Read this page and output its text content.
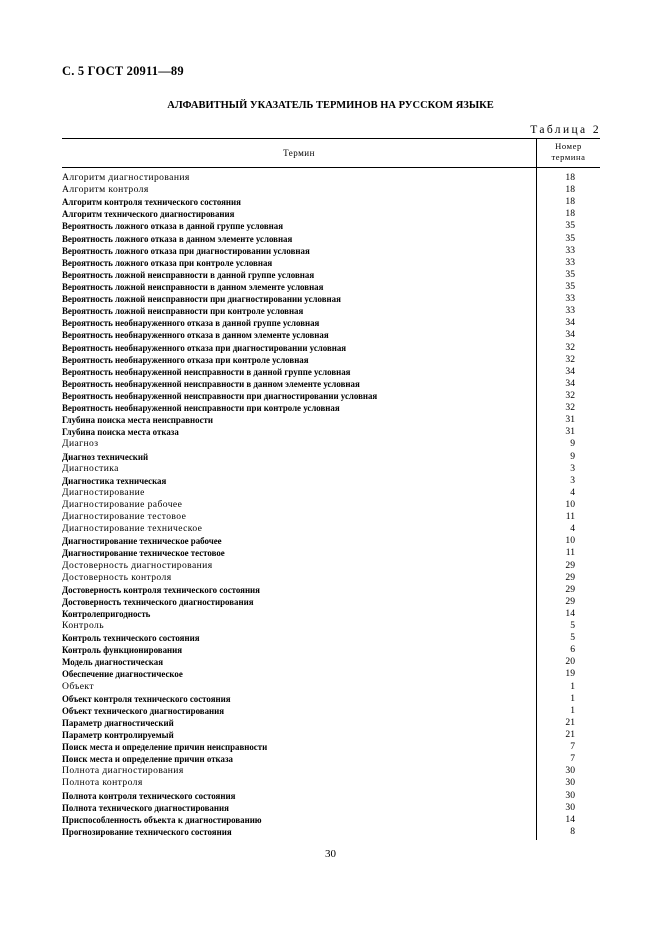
С. 5 ГОСТ 20911—89
АЛФАВИТНЫЙ УКАЗАТЕЛЬ ТЕРМИНОВ НА РУССКОМ ЯЗЫКЕ
Таблица 2
Термин
Номер
термина
Алгоритм диагностирования	18
Алгоритм контроля	18
Алгоритм контроля технического состояния	18
Алгоритм технического диагностирования	18
Вероятность ложного отказа в данной группе условная	35
Вероятность ложного отказа в данном элементе условная	35
Вероятность ложного отказа при диагностировании условная	33
Вероятность ложного отказа при контроле условная	33
Вероятность ложной неисправности в данной группе условная	35
Вероятность ложной неисправности в данном элементе условная	35
Вероятность ложной неисправности при диагностировании условная	33
Вероятность ложной неисправности при контроле условная	33
Вероятность необнаруженного отказа в данной группе условная	34
Вероятность необнаруженного отказа в данном элементе условная	34
Вероятность необнаруженного отказа при диагностировании условная	32
Вероятность необнаруженного отказа при контроле условная	32
Вероятность необнаруженной неисправности в данной группе условная	34
Вероятность необнаруженной неисправности в данном элементе условная	34
Вероятность необнаруженной неисправности при диагностировании условная	32
Вероятность необнаруженной неисправности при контроле условная	32
Глубина поиска места неисправности	31
Глубина поиска места отказа	31
Диагноз	9
Диагноз технический	9
Диагностика	3
Диагностика техническая	3
Диагностирование	4
Диагностирование рабочее	10
Диагностирование тестовое	11
Диагностирование техническое	4
Диагностирование техническое рабочее	10
Диагностирование техническое тестовое	11
Достоверность диагностирования	29
Достоверность контроля	29
Достоверность контроля технического состояния	29
Достоверность технического диагностирования	29
Контролепригодность	14
Контроль	5
Контроль технического состояния	5
Контроль функционирования	6
Модель диагностическая	20
Обеспечение диагностическое	19
Объект	1
Объект контроля технического состояния	1
Объект технического диагностирования	1
Параметр диагностический	21
Параметр контролируемый	21
Поиск места и определение причин неисправности	7
Поиск места и определение причин отказа	7
Полнота диагностирования	30
Полнота контроля	30
Полнота контроля технического состояния	30
Полнота технического диагностирования	30
Приспособленность объекта к диагностированию	14
Прогнозирование технического состояния	8
30
